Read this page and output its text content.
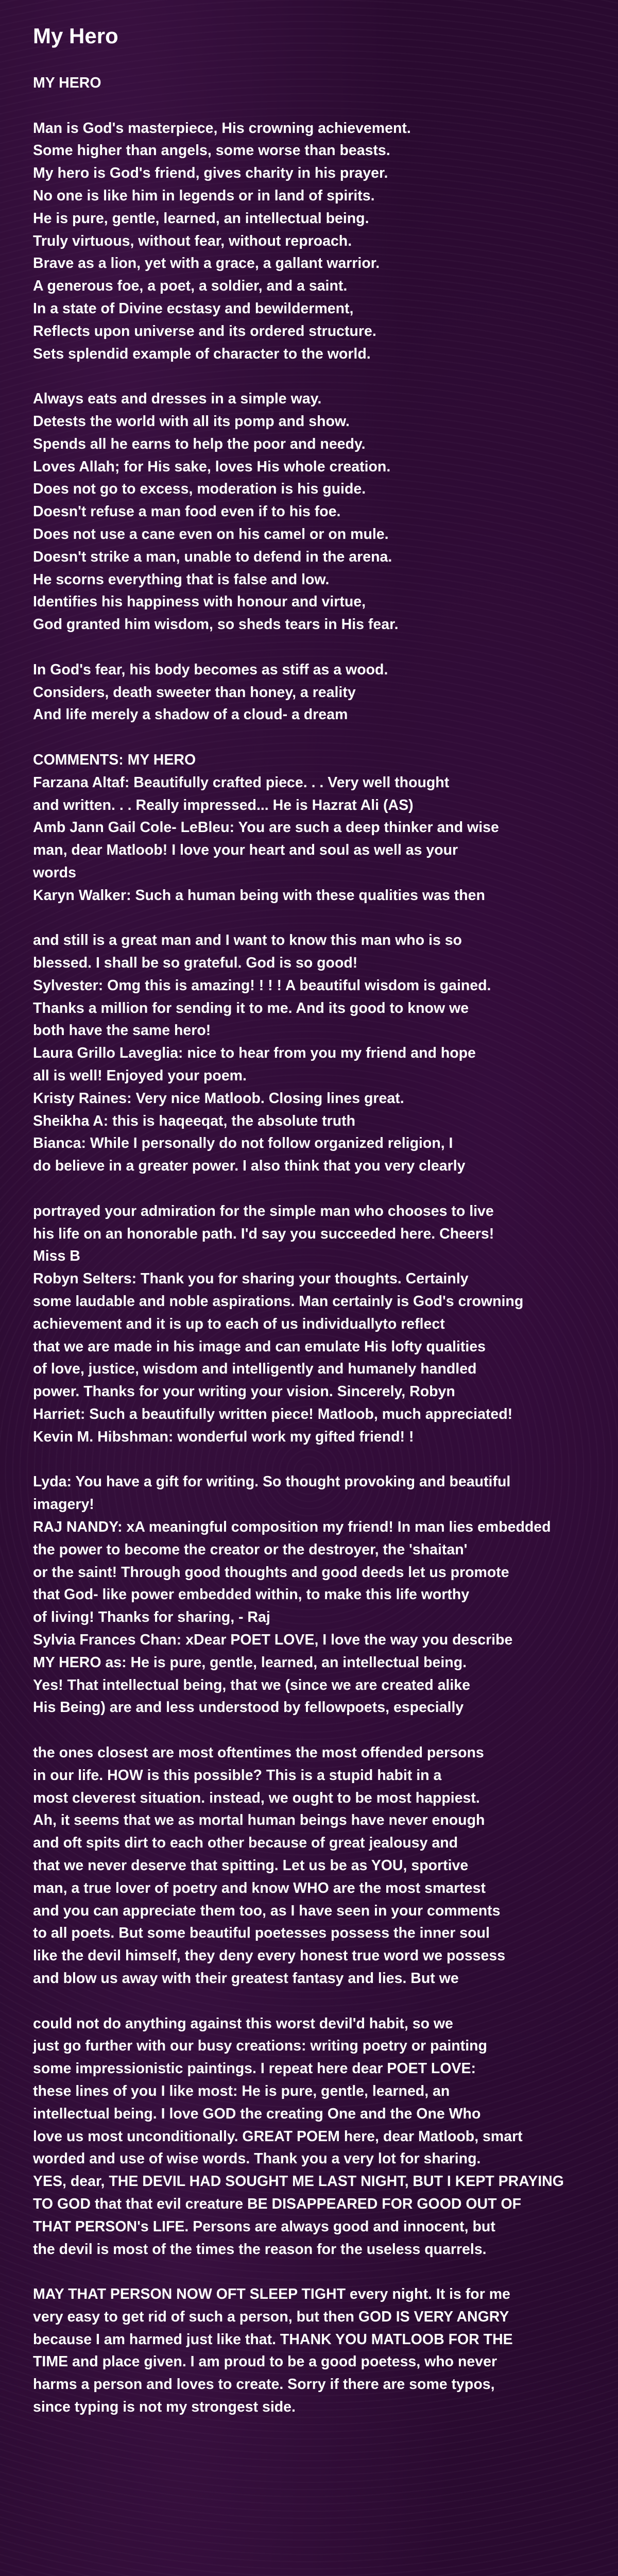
My Hero
MY HERO
Man is God's masterpiece, His crowning achievement.
Some higher than angels, some worse than beasts.
My hero is God's friend, gives charity in his prayer.
No one is like him in legends or in land of spirits.
He is pure, gentle, learned, an intellectual being.
Truly virtuous, without fear, without reproach.
Brave as a lion, yet with a grace, a gallant warrior.
A generous foe, a poet, a soldier, and a saint.
In a state of Divine ecstasy and bewilderment,
Reflects upon universe and its ordered structure.
Sets splendid example of character to the world.
Always eats and dresses in a simple way.
Detests the world with all its pomp and show.
Spends all he earns to help the poor and needy.
Loves Allah; for His sake, loves His whole creation.
Does not go to excess, moderation is his guide.
Doesn't refuse a man food even if to his foe.
Does not use a cane even on his camel or on mule.
Doesn't strike a man, unable to defend in the arena.
He scorns everything that is false and low.
Identifies his happiness with honour and virtue,
God granted him wisdom, so sheds tears in His fear.
In God's fear, his body becomes as stiff as a wood.
Considers, death sweeter than honey, a reality
And life merely a shadow of a cloud- a dream
COMMENTS: MY HERO
Farzana Altaf: Beautifully crafted piece. . . Very well thought
and written. . . Really impressed... He is Hazrat Ali (AS)
Amb Jann Gail Cole- LeBleu: You are such a deep thinker and wise
man, dear Matloob! I love your heart and soul as well as your
words
Karyn Walker: Such a human being with these qualities was then
and still is a great man and I want to know this man who is so
blessed. I shall be so grateful. God is so good!
Sylvester: Omg this is amazing! ! ! ! A beautiful wisdom is gained.
Thanks a million for sending it to me. And its good to know we
both have the same hero!
Laura Grillo Laveglia: nice to hear from you my friend and hope
all is well! Enjoyed your poem.
Kristy Raines: Very nice Matloob. Closing lines great.
Sheikha A: this is haqeeqat, the absolute truth
Bianca: While I personally do not follow organized religion, I
do believe in a greater power. I also think that you very clearly
portrayed your admiration for the simple man who chooses to live
his life on an honorable path. I'd say you succeeded here. Cheers!
Miss B
Robyn Selters: Thank you for sharing your thoughts. Certainly
some laudable and noble aspirations. Man certainly is God's crowning
achievement and it is up to each of us individuallyto reflect
that we are made in his image and can emulate His lofty qualities
of love, justice, wisdom and intelligently and humanely handled
power. Thanks for your writing your vision. Sincerely, Robyn
Harriet: Such a beautifully written piece! Matloob, much appreciated!
Kevin M. Hibshman: wonderful work my gifted friend! !
Lyda: You have a gift for writing. So thought provoking and beautiful
imagery!
RAJ NANDY: xA meaningful composition my friend! In man lies embedded
the power to become the creator or the destroyer, the 'shaitan'
or the saint! Through good thoughts and good deeds let us promote
that God- like power embedded within, to make this life worthy
of living! Thanks for sharing, - Raj
Sylvia Frances Chan: xDear POET LOVE, I love the way you describe
MY HERO as: He is pure, gentle, learned, an intellectual being.
Yes! That intellectual being, that we (since we are created alike
His Being) are and less understood by fellowpoets, especially
the ones closest are most oftentimes the most offended persons
in our life. HOW is this possible? This is a stupid habit in a
most cleverest situation. instead, we ought to be most happiest.
Ah, it seems that we as mortal human beings have never enough
and oft spits dirt to each other because of great jealousy and
that we never deserve that spitting. Let us be as YOU, sportive
man, a true lover of poetry and know WHO are the most smartest
and you can appreciate them too, as I have seen in your comments
to all poets. But some beautiful poetesses possess the inner soul
like the devil himself, they deny every honest true word we possess
and blow us away with their greatest fantasy and lies. But we
could not do anything against this worst devil'd habit, so we
just go further with our busy creations: writing poetry or painting
some impressionistic paintings. I repeat here dear POET LOVE:
these lines of you I like most: He is pure, gentle, learned, an
intellectual being. I love GOD the creating One and the One Who
love us most unconditionally. GREAT POEM here, dear Matloob, smart
worded and use of wise words. Thank you a very lot for sharing.
YES, dear, THE DEVIL HAD SOUGHT ME LAST NIGHT, BUT I KEPT PRAYING
TO GOD that that evil creature BE DISAPPEARED FOR GOOD OUT OF
THAT PERSON's LIFE. Persons are always good and innocent, but
the devil is most of the times the reason for the useless quarrels.
MAY THAT PERSON NOW OFT SLEEP TIGHT every night. It is for me
very easy to get rid of such a person, but then GOD IS VERY ANGRY
because I am harmed just like that. THANK YOU MATLOOB FOR THE
TIME and place given. I am proud to be a good poetess, who never
harms a person and loves to create. Sorry if there are some typos,
since typing is not my strongest side.
